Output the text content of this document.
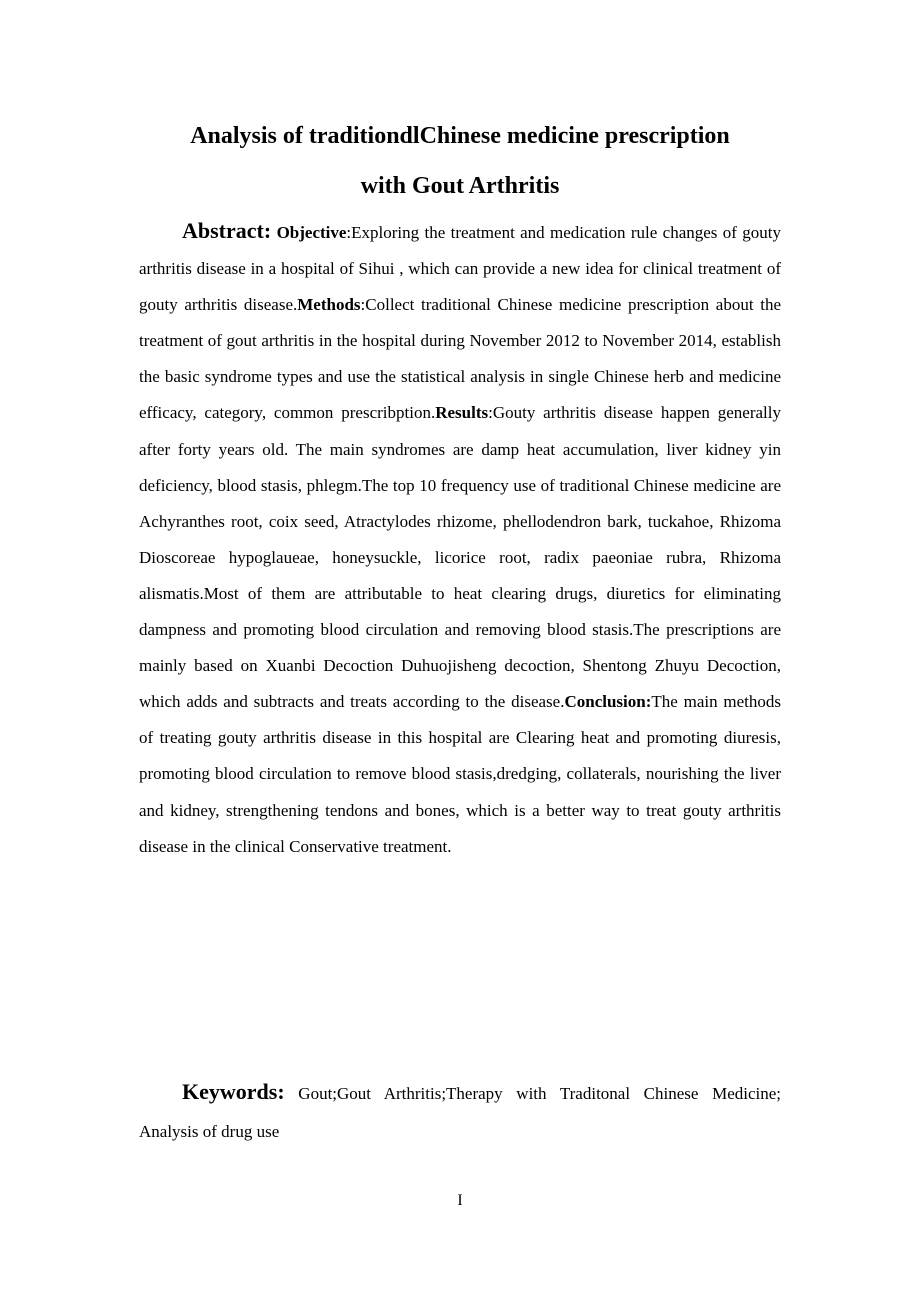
Analysis of traditiondlChinese medicine prescription
with Gout Arthritis

Abstract: Objective:Exploring the treatment and medication rule changes of gouty arthritis disease in a hospital of Sihui , which can provide a new idea for clinical treatment of gouty arthritis disease.Methods:Collect traditional Chinese medicine prescription about the treatment of gout arthritis in the hospital during November 2012 to November 2014, establish the basic syndrome types and use the statistical analysis in single Chinese herb and medicine efficacy, category, common prescribption.Results:Gouty arthritis disease happen generally after forty years old. The main syndromes are damp heat accumulation, liver kidney yin deficiency, blood stasis, phlegm.The top 10 frequency use of traditional Chinese medicine are Achyranthes root, coix seed, Atractylodes rhizome, phellodendron bark, tuckahoe, Rhizoma Dioscoreae hypoglaueae, honeysuckle, licorice root, radix paeoniae rubra, Rhizoma alismatis.Most of them are attributable to heat clearing drugs, diuretics for eliminating dampness and promoting blood circulation and removing blood stasis.The prescriptions are mainly based on Xuanbi Decoction Duhuojisheng decoction, Shentong Zhuyu Decoction, which adds and subtracts and treats according to the disease.Conclusion:The main methods of treating gouty arthritis disease in this hospital are Clearing heat and promoting diuresis, promoting blood circulation to remove blood stasis,dredging, collaterals, nourishing the liver and kidney, strengthening tendons and bones, which is a better way to treat gouty arthritis disease in the clinical Conservative treatment.

Keywords: Gout;Gout Arthritis;Therapy with Traditonal Chinese Medicine; Analysis of drug use

I
